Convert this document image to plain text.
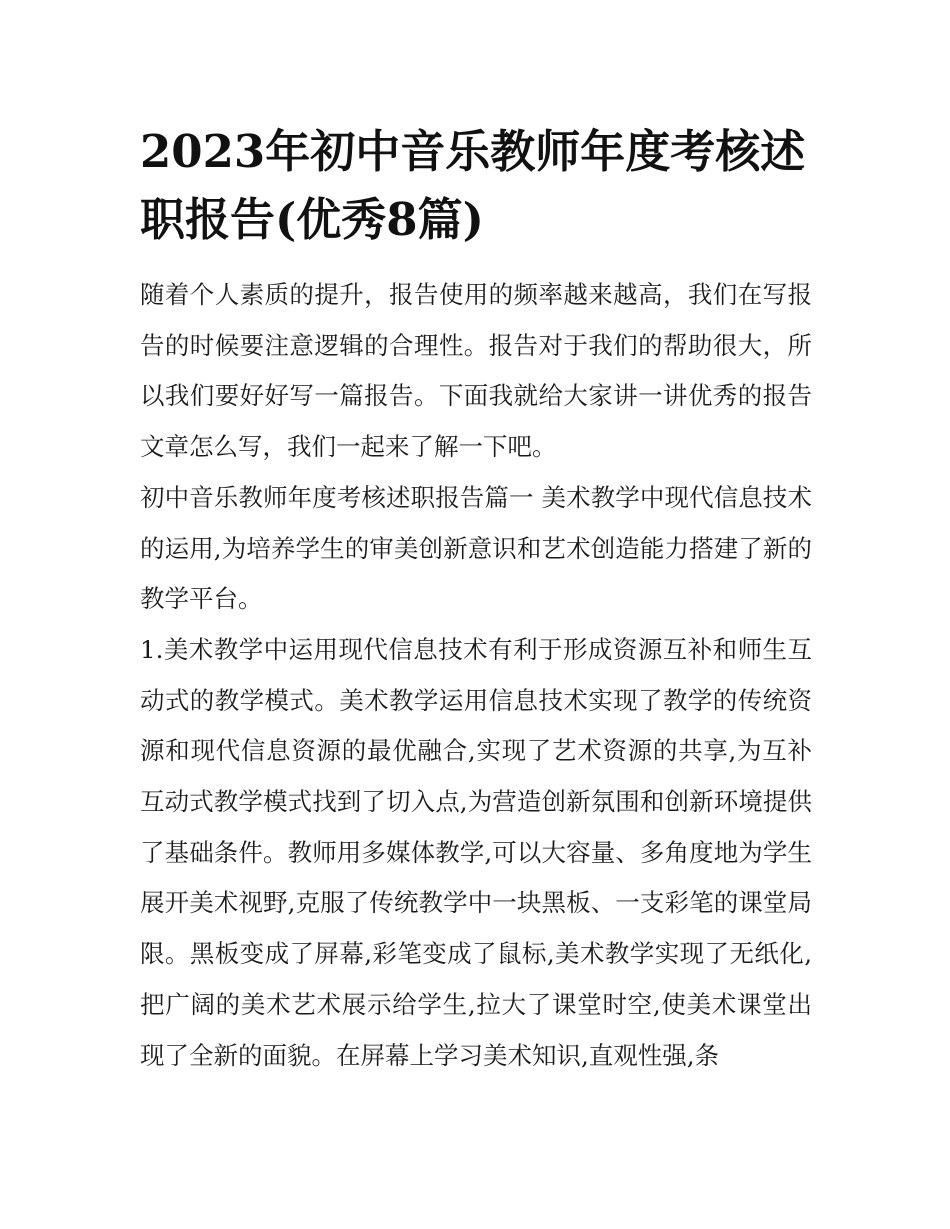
2023年初中音乐教师年度考核述职报告(优秀8篇)

随着个人素质的提升，报告使用的频率越来越高，我们在写报告的时候要注意逻辑的合理性。报告对于我们的帮助很大，所以我们要好好写一篇报告。下面我就给大家讲一讲优秀的报告文章怎么写，我们一起来了解一下吧。

初中音乐教师年度考核述职报告篇一 美术教学中现代信息技术的运用,为培养学生的审美创新意识和艺术创造能力搭建了新的教学平台。

1.美术教学中运用现代信息技术有利于形成资源互补和师生互动式的教学模式。美术教学运用信息技术实现了教学的传统资源和现代信息资源的最优融合,实现了艺术资源的共享,为互补互动式教学模式找到了切入点,为营造创新氛围和创新环境提供了基础条件。教师用多媒体教学,可以大容量、多角度地为学生展开美术视野,克服了传统教学中一块黑板、一支彩笔的课堂局限。黑板变成了屏幕,彩笔变成了鼠标,美术教学实现了无纸化,把广阔的美术艺术展示给学生,拉大了课堂时空,使美术课堂出现了全新的面貌。在屏幕上学习美术知识,直观性强,条
